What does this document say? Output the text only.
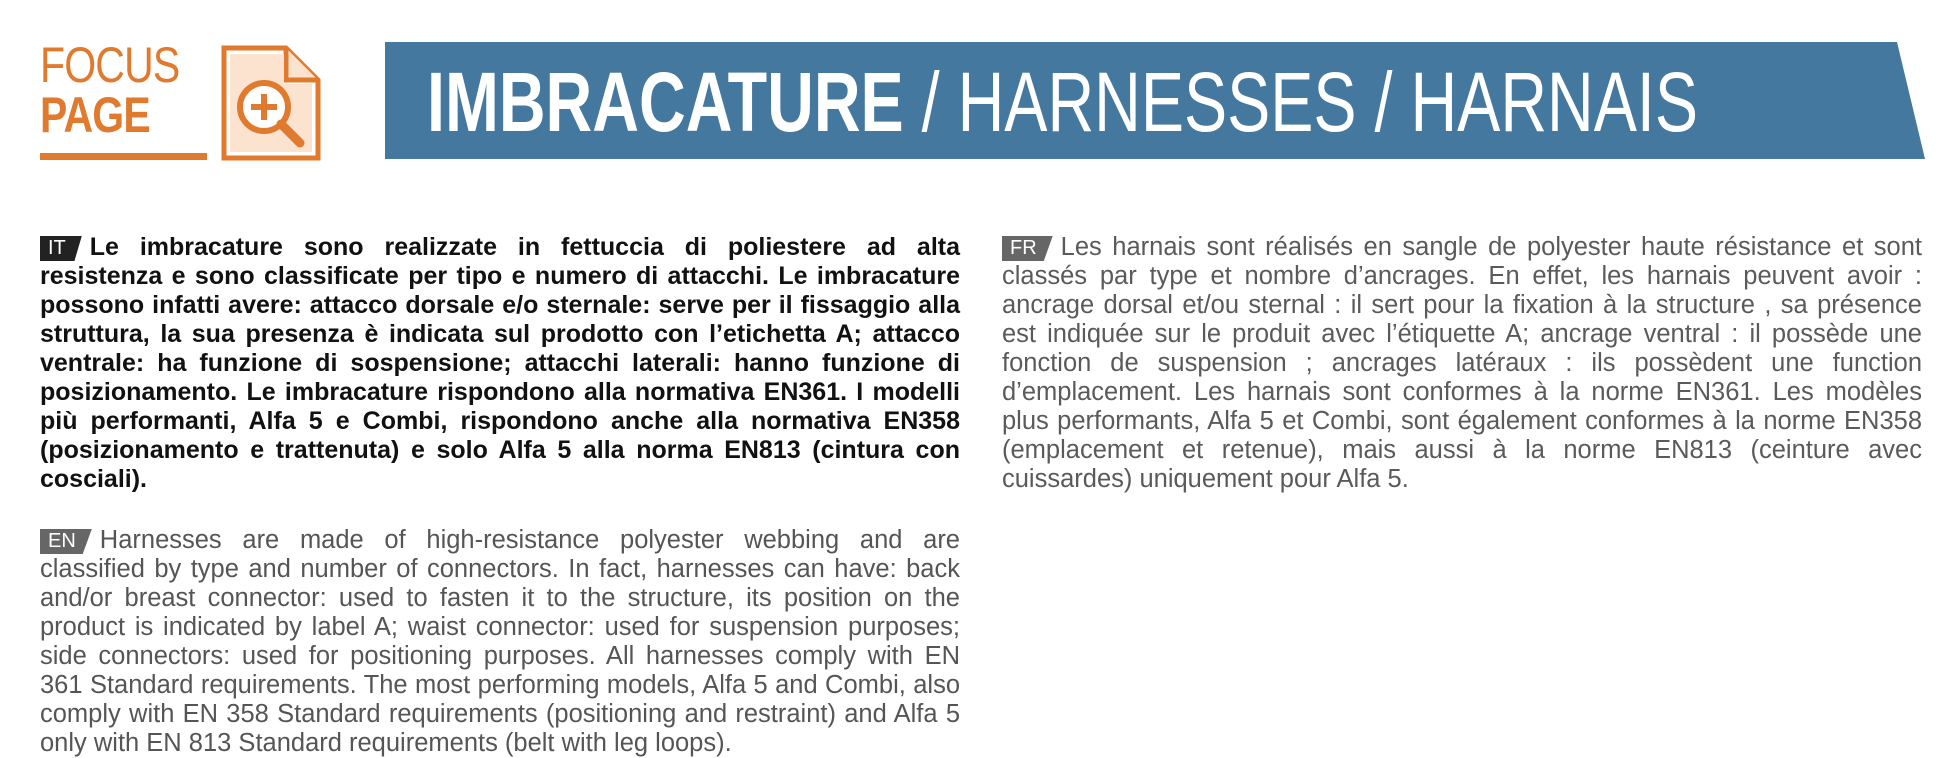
FOCUS
PAGE	IMBRACATURE / HARNESSES / HARNAIS
IT Le imbracature sono realizzate in fettuccia di poliestere ad alta resistenza e sono classificate per tipo e numero di attacchi. Le imbracature possono infatti avere: attacco dorsale e/o sternale: serve per il fissaggio alla struttura, la sua presenza è indicata sul prodotto con l’etichetta A; attacco ventrale: ha funzione di sospensione; attacchi laterali: hanno funzione di posizionamento. Le imbracature rispondono alla normativa EN361. I modelli più performanti, Alfa 5 e Combi, rispondono anche alla normativa EN358 (posizionamento e trattenuta) e solo Alfa 5 alla norma EN813 (cintura con cosciali).
EN Harnesses are made of high-resistance polyester webbing and are classified by type and number of connectors. In fact, harnesses can have: back and/or breast connector: used to fasten it to the structure, its position on the product is indicated by label A; waist connector: used for suspension purposes; side connectors: used for positioning purposes. All harnesses comply with EN 361 Standard requirements. The most performing models, Alfa 5 and Combi, also comply with EN 358 Standard requirements (positioning and restraint) and Alfa 5 only with EN 813 Standard requirements (belt with leg loops).
FR Les harnais sont réalisés en sangle de polyester haute résistance et sont classés par type et nombre d’ancrages. En effet, les harnais peuvent avoir : ancrage dorsal et/ou sternal : il sert pour la fixation à la structure , sa présence est indiquée sur le produit avec l’étiquette A; ancrage ventral : il possède une fonction de suspension ; ancrages latéraux : ils possèdent une function d’emplacement. Les harnais sont conformes à la norme EN361. Les modèles plus performants, Alfa 5 et Combi, sont également conformes à la norme EN358 (emplacement et retenue), mais aussi à la norme EN813 (ceinture avec cuissardes) uniquement pour Alfa 5.
